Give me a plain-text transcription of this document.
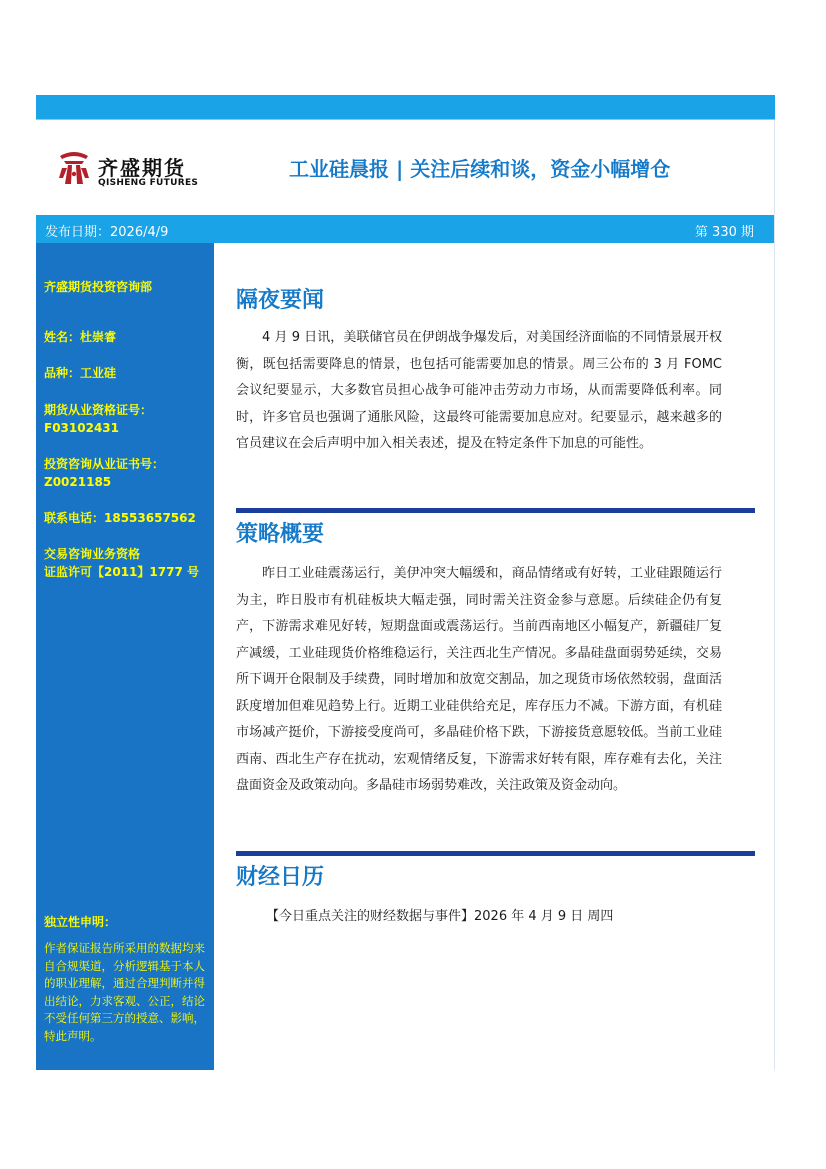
齐盛期货
QISHENG FUTURES
工业硅晨报 | 关注后续和谈，资金小幅增仓
发布日期：2026/4/9	第 330 期
齐盛期货投资咨询部
姓名：杜崇睿
品种：工业硅
期货从业资格证号：
F03102431
投资咨询从业证书号：
Z0021185
联系电话：18553657562
交易咨询业务资格
证监许可【2011】1777 号
独立性申明：
作者保证报告所采用的数据均来自合规渠道，分析逻辑基于本人的职业理解，通过合理判断并得出结论，力求客观、公正，结论不受任何第三方的授意、影响，特此声明。
隔夜要闻
4 月 9 日讯，美联储官员在伊朗战争爆发后，对美国经济面临的不同情景展开权衡，既包括需要降息的情景，也包括可能需要加息的情景。周三公布的 3 月 FOMC 会议纪要显示，大多数官员担心战争可能冲击劳动力市场，从而需要降低利率。同时，许多官员也强调了通胀风险，这最终可能需要加息应对。纪要显示，越来越多的官员建议在会后声明中加入相关表述，提及在特定条件下加息的可能性。
策略概要
昨日工业硅震荡运行，美伊冲突大幅缓和，商品情绪或有好转，工业硅跟随运行为主，昨日股市有机硅板块大幅走强，同时需关注资金参与意愿。后续硅企仍有复产，下游需求难见好转，短期盘面或震荡运行。当前西南地区小幅复产，新疆硅厂复产减缓，工业硅现货价格维稳运行，关注西北生产情况。多晶硅盘面弱势延续，交易所下调开仓限制及手续费，同时增加和放宽交割品，加之现货市场依然较弱，盘面活跃度增加但难见趋势上行。近期工业硅供给充足，库存压力不减。下游方面，有机硅市场减产挺价，下游接受度尚可，多晶硅价格下跌，下游接货意愿较低。当前工业硅西南、西北生产存在扰动，宏观情绪反复，下游需求好转有限，库存难有去化，关注盘面资金及政策动向。多晶硅市场弱势难改，关注政策及资金动向。
财经日历
【今日重点关注的财经数据与事件】2026 年 4 月 9 日 周四
